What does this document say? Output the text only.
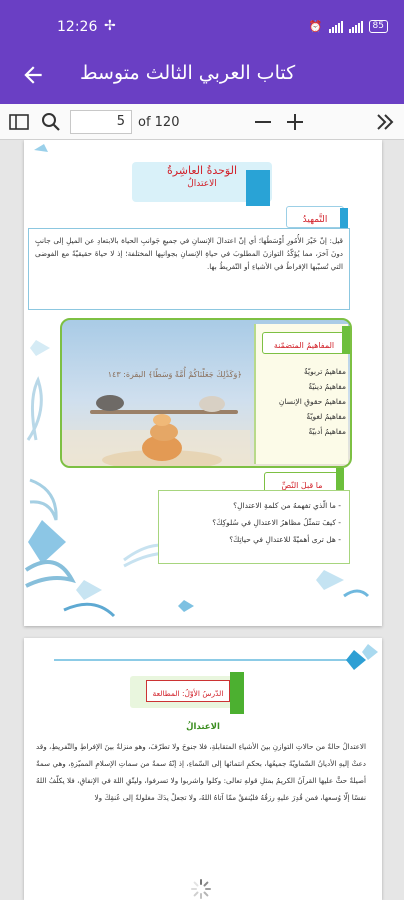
12:26 ✢	⏰	85
كتاب العربي الثالث متوسط
5	of 120
الوَحدةُ العاشِرةُ
الاعتدالُ
التَّمهيدُ
قيل: إنّ خَيْرَ الأُمُورِ أَوْسَطُها؛ أي إنّ اعتدالَ الإنسانِ في جميعِ جَوانبِ الحياة بالابتعادِ عن الميلِ إلى جانبٍ دونَ آخرَ، مما يُؤكّدُ التوازنَ المطلوبَ في حياةِ الإنسانِ بجوانبِها المختلفة؛ إذ لا حياةَ حقيقيّةً مع الفوضى التي تُسبّبها الإفراطُ في الأشياءِ أو التّفريطُ بها.
﴿وَكَذَٰلِكَ جَعَلْنَاكُمْ أُمَّةً وَسَطًا﴾ البقرة: ١٤٣	مفاهيمُ تربويّةٌ
مفاهيمُ دينيّةٌ
مفاهيمُ حقوقِ الإنسانِ
مفاهيمُ لغويّةٌ
مفاهيمُ أدبيّةٌ
المفاهيمُ المتضمّنة
ما قبلَ النّصِّ
- ما الّذي تفهمهُ من كلمةِ الاعتدالِ؟
- كيفَ تتمثّلُ مظاهرُ الاعتدالِ في سُلوكِكَ؟
- هل ترى أهميّةً للاعتدالِ في حياتِكَ؟
الدّرسُ الأوّلُ: المطالعة
الاعتدالُ
الاعتدالُ حالةٌ من حالاتِ التوازنِ بينَ الأشياءِ المتقابلةِ، فلا جنوحَ ولا تطرّفَ، وهو منزلةٌ بينَ الإفراطِ والتّفريطِ، وقد دعتْ إليهِ الأديانُ السّماويّةُ جميعُها، بحكمِ انتمائها إلى السّماءِ، إذ إنّهُ سمةٌ من سماتِ الإسلامِ المميّزةِ، وهي سمةٌ أصيلةٌ حثَّ عليها القرآنُ الكريمُ بمثلِ قولهِ تعالى: وكلوا واشربوا ولا تسرفوا، وليتّقِ اللهَ في الإنفاقِ، فلا يكلّفُ اللهُ نفسًا إلّا وُسعها، فمن قُدِرَ عليهِ رزقُهُ فليُنفقْ ممّا آتاهُ اللهُ، ولا تجعلْ يدَكَ مغلولةً إلى عُنقِكَ ولا
